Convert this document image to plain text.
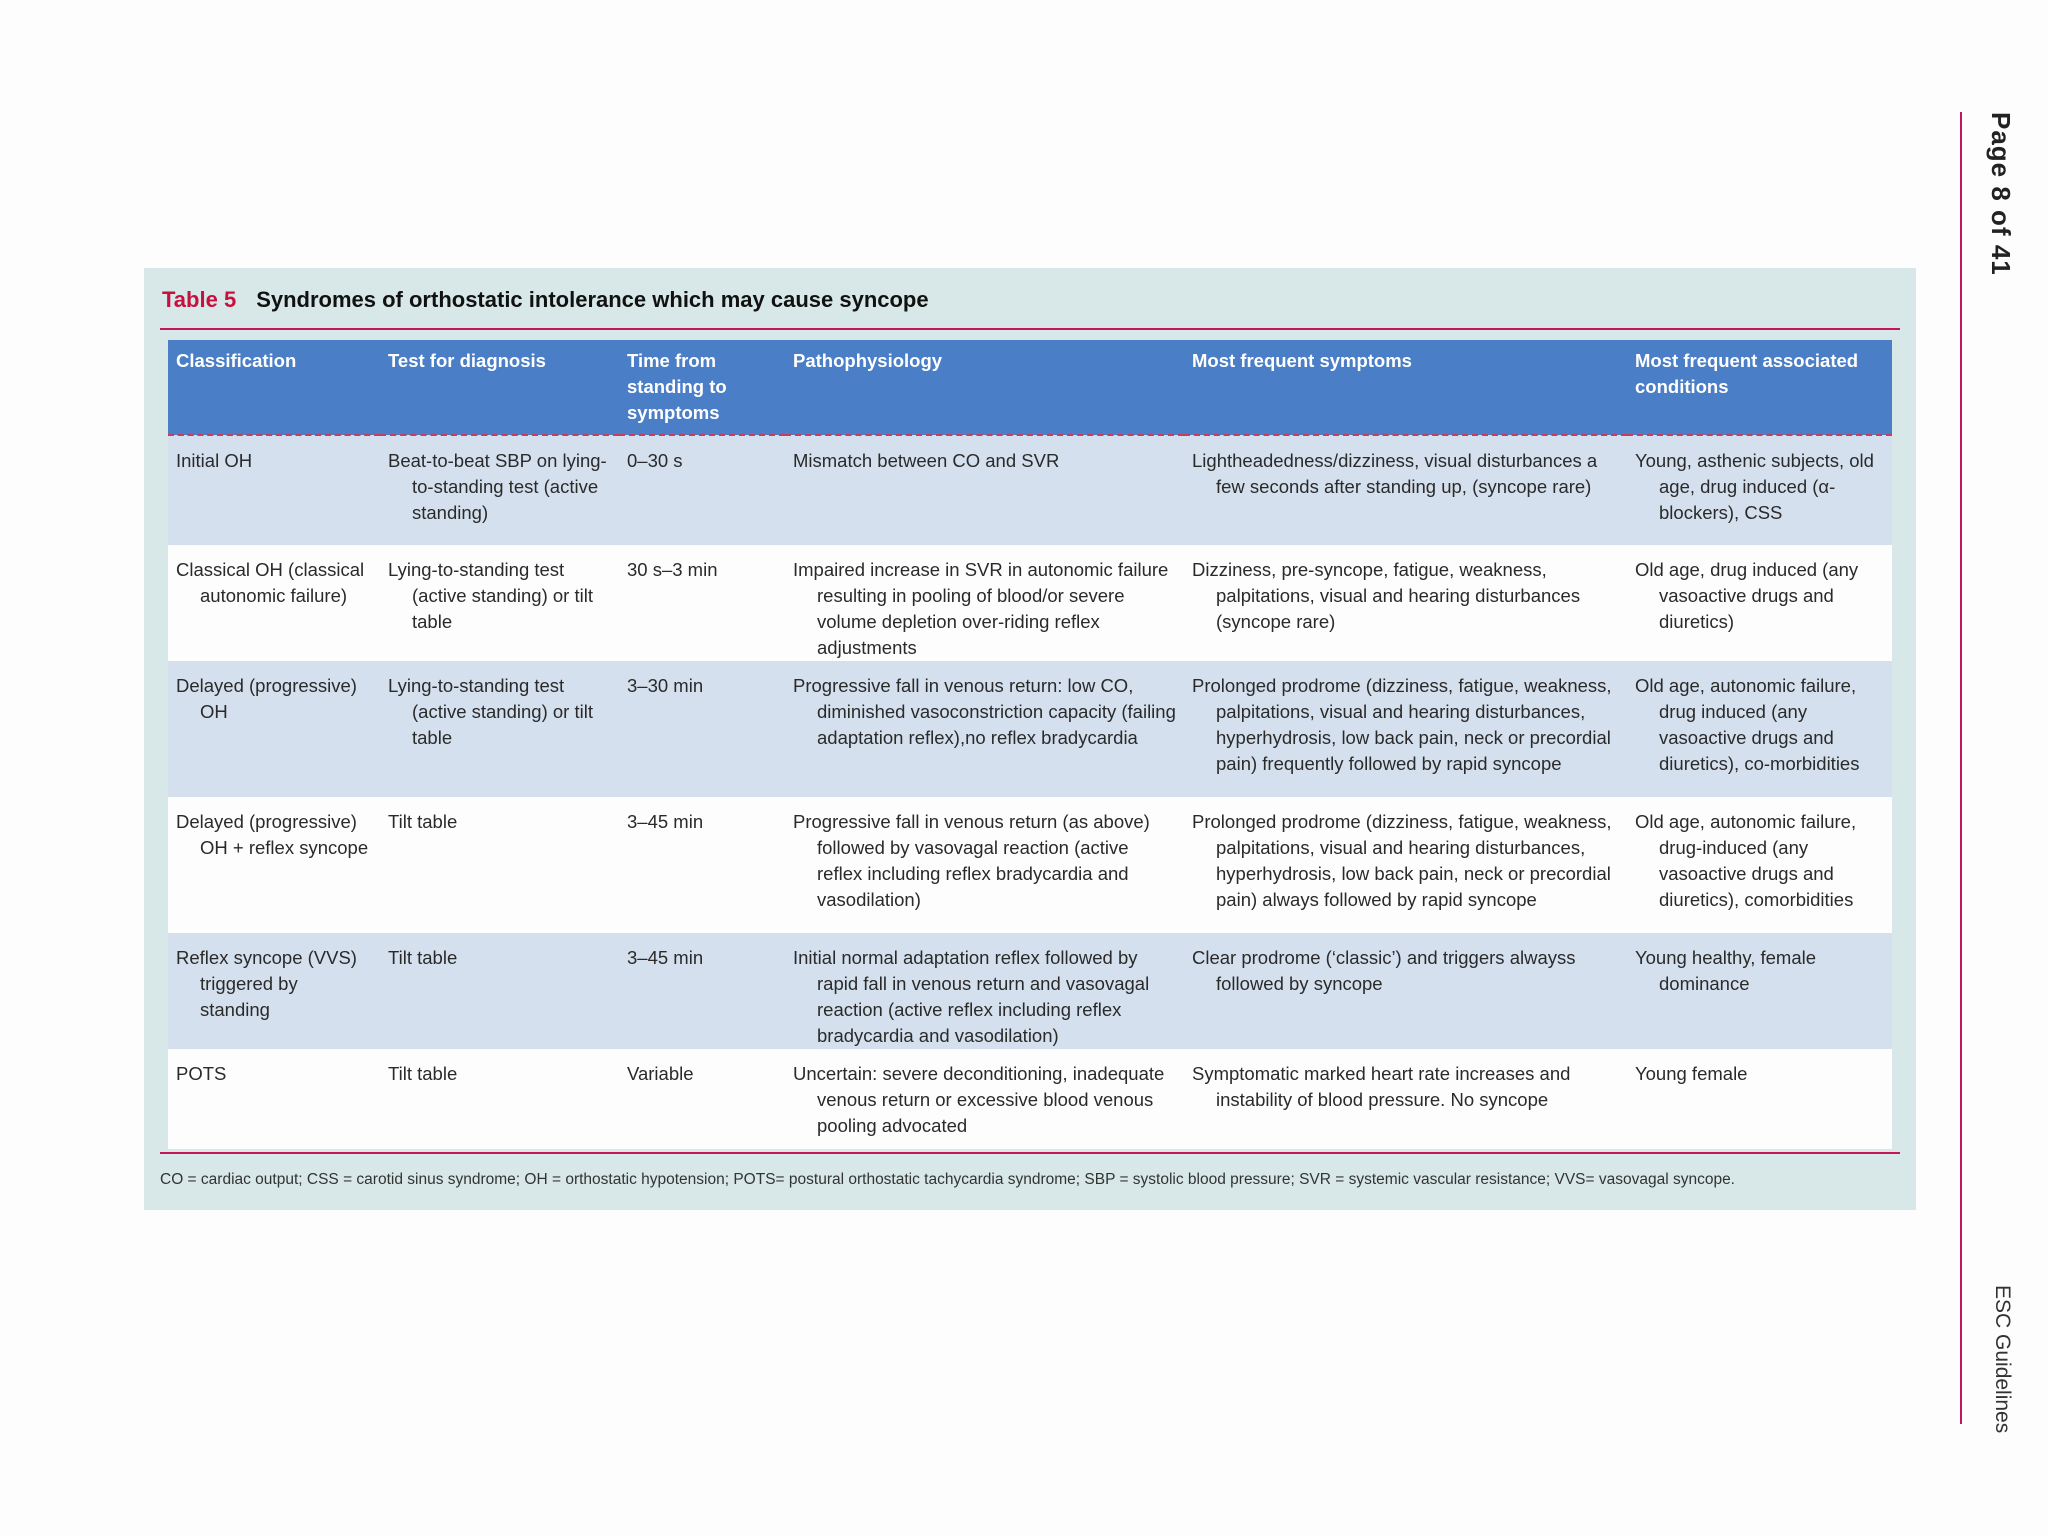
Page 8 of 41
ESC Guidelines
Table 5 Syndromes of orthostatic intolerance which may cause syncope
Classification	Test for diagnosis	Time from standing to symptoms	Pathophysiology	Most frequent symptoms	Most frequent associated conditions

Initial OH	Beat-to-beat SBP on lying-to-standing test (active standing)	0–30 s	Mismatch between CO and SVR	Lightheadedness/dizziness, visual disturbances a few seconds after standing up, (syncope rare)	Young, asthenic subjects, old age, drug induced (α-blockers), CSS

Classical OH (classical autonomic failure)	Lying-to-standing test (active standing) or tilt table	30 s–3 min	Impaired increase in SVR in autonomic failure resulting in pooling of blood/or severe volume depletion over-riding reflex adjustments	Dizziness, pre-syncope, fatigue, weakness, palpitations, visual and hearing disturbances (syncope rare)	Old age, drug induced (any vasoactive drugs and diuretics)

Delayed (progressive) OH	Lying-to-standing test (active standing) or tilt table	3–30 min	Progressive fall in venous return: low CO, diminished vasoconstriction capacity (failing adaptation reflex),no reflex bradycardia	Prolonged prodrome (dizziness, fatigue, weakness, palpitations, visual and hearing disturbances, hyperhydrosis, low back pain, neck or precordial pain) frequently followed by rapid syncope	Old age, autonomic failure, drug induced (any vasoactive drugs and diuretics), co-morbidities

Delayed (progressive) OH + reflex syncope	Tilt table	3–45 min	Progressive fall in venous return (as above) followed by vasovagal reaction (active reflex including reflex bradycardia and vasodilation)	Prolonged prodrome (dizziness, fatigue, weakness, palpitations, visual and hearing disturbances, hyperhydrosis, low back pain, neck or precordial pain) always followed by rapid syncope	Old age, autonomic failure, drug-induced (any vasoactive drugs and diuretics), comorbidities

Reflex syncope (VVS) triggered by standing	Tilt table	3–45 min	Initial normal adaptation reflex followed by rapid fall in venous return and vasovagal reaction (active reflex including reflex bradycardia and vasodilation)	Clear prodrome (‘classic’) and triggers alwayss followed by syncope	Young healthy, female dominance

POTS	Tilt table	Variable	Uncertain: severe deconditioning, inadequate venous return or excessive blood venous pooling advocated	Symptomatic marked heart rate increases and instability of blood pressure. No syncope	Young female
CO = cardiac output; CSS = carotid sinus syndrome; OH = orthostatic hypotension; POTS= postural orthostatic tachycardia syndrome; SBP = systolic blood pressure; SVR = systemic vascular resistance; VVS= vasovagal syncope.
